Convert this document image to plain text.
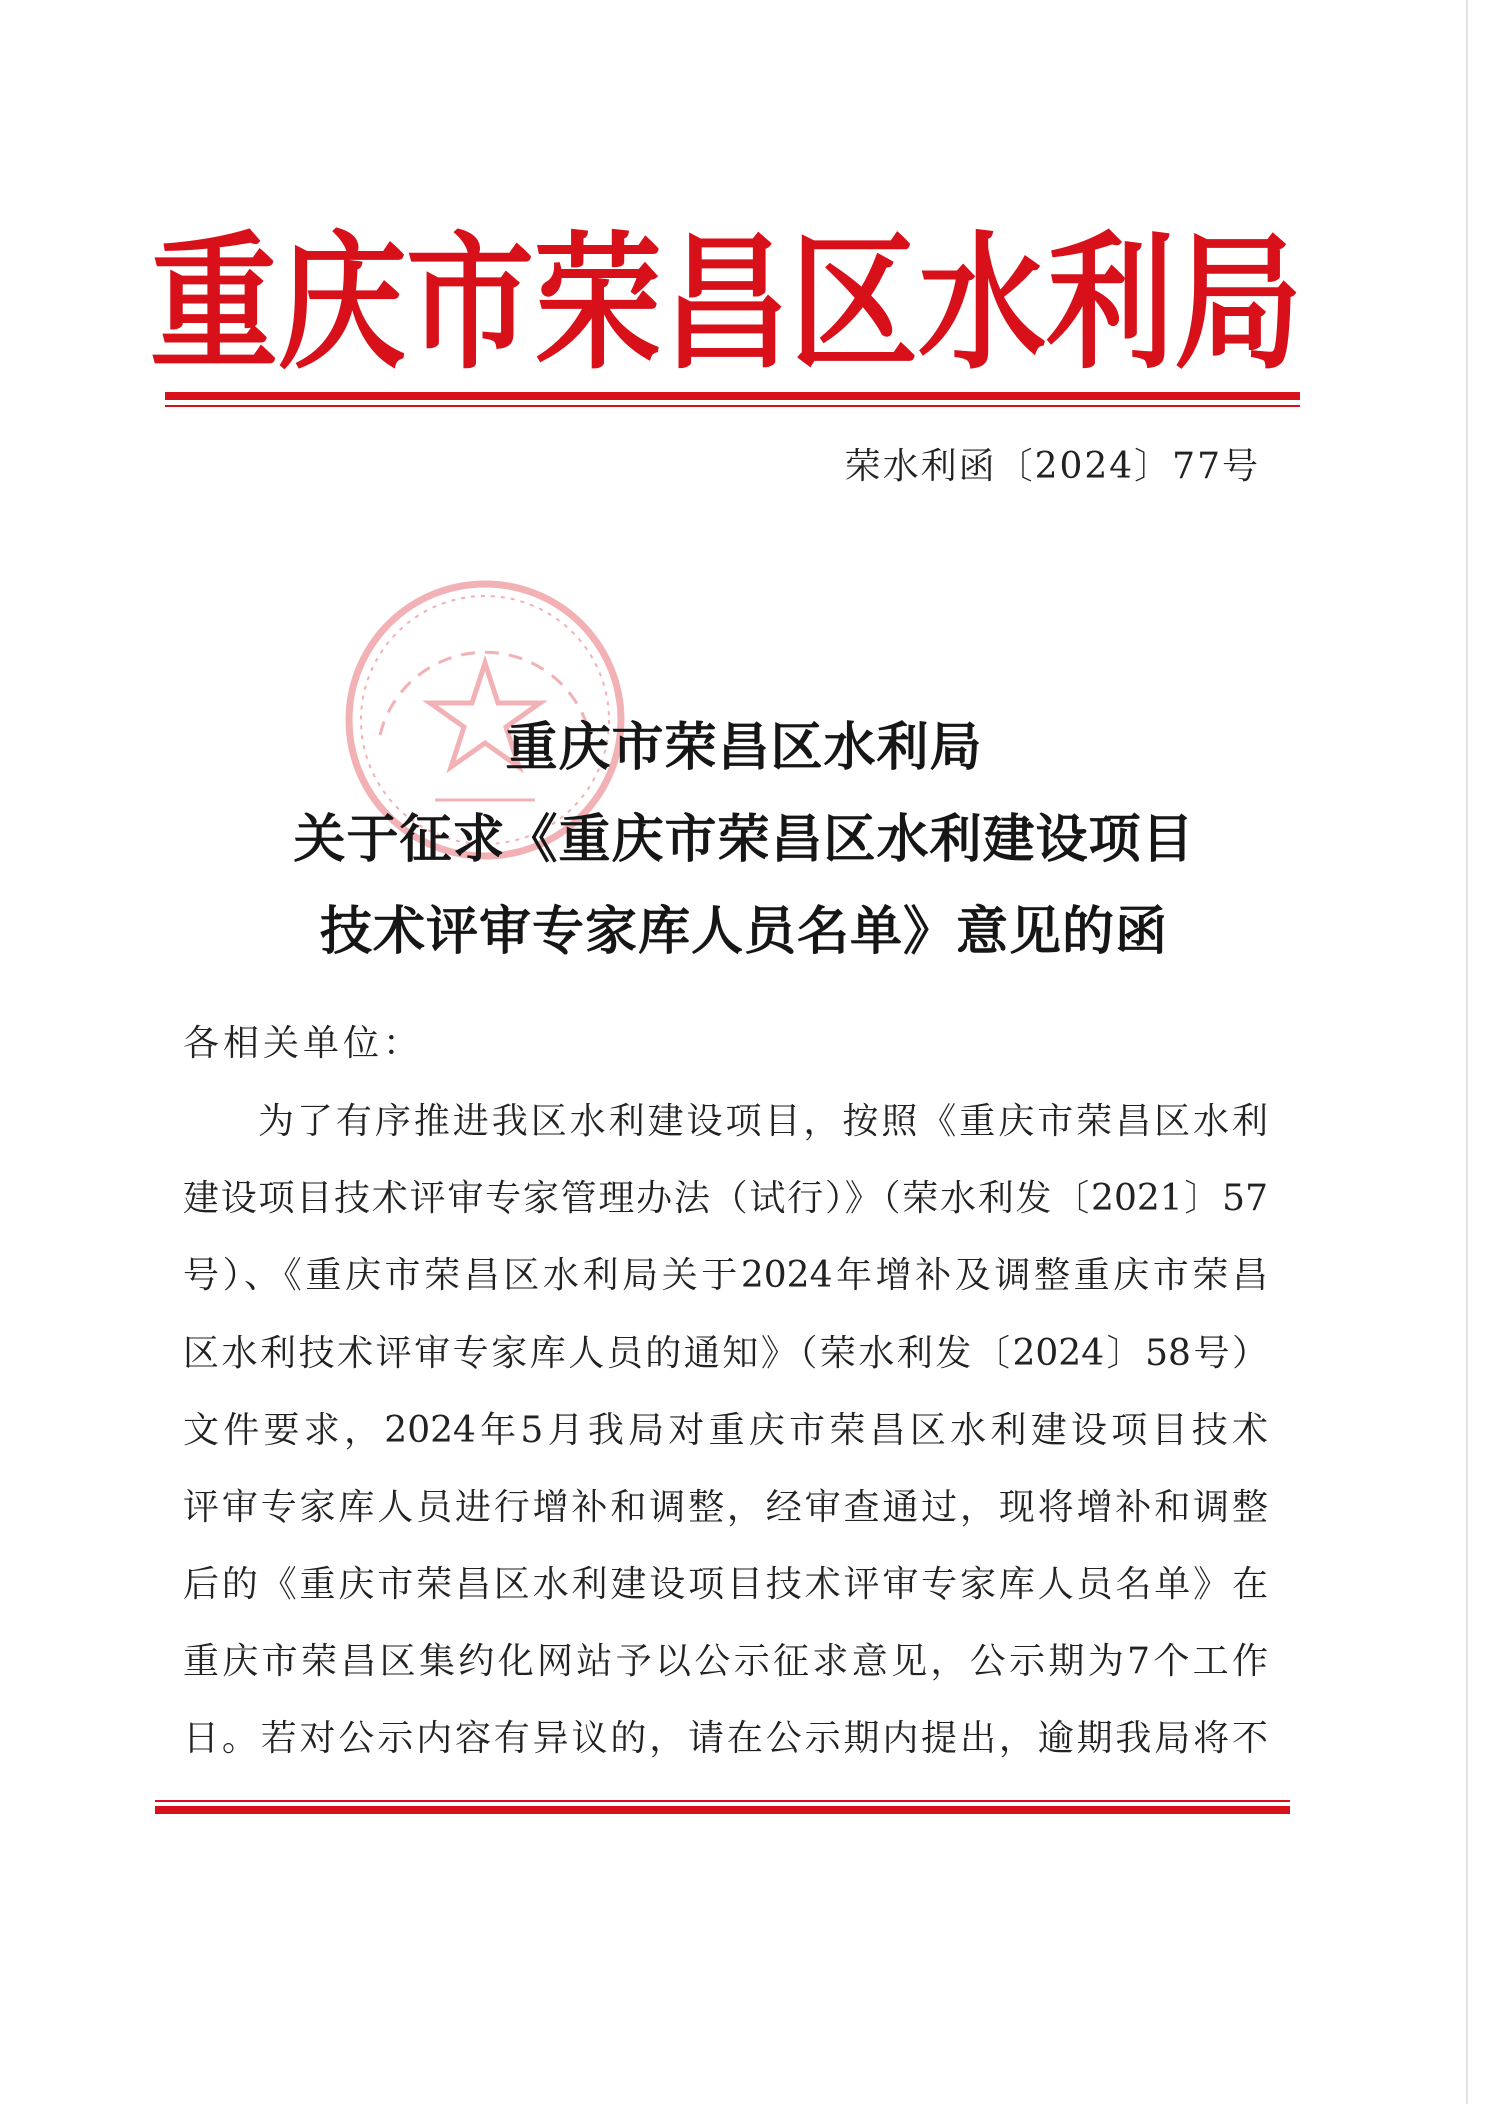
重 庆 市 荣 昌 区 水 利 局
荣水利函〔2024〕77号
重庆市荣昌区水利局
关于征求《重庆市荣昌区水利建设项目
技术评审专家库人员名单》意见的函
各相关单位：
为了有序推进我区水利建设项目，按照《重庆市荣昌区水利
建设项目技术评审专家管理办法（试行）》（荣水利发〔2021〕57
号）、《重庆市荣昌区水利局关于2024年增补及调整重庆市荣昌
区水利技术评审专家库人员的通知》（荣水利发〔2024〕58号）
文件要求，2024年5月我局对重庆市荣昌区水利建设项目技术
评审专家库人员进行增补和调整，经审查通过，现将增补和调整
后的《重庆市荣昌区水利建设项目技术评审专家库人员名单》在
重庆市荣昌区集约化网站予以公示征求意见，公示期为7个工作
日。若对公示内容有异议的，请在公示期内提出，逾期我局将不
